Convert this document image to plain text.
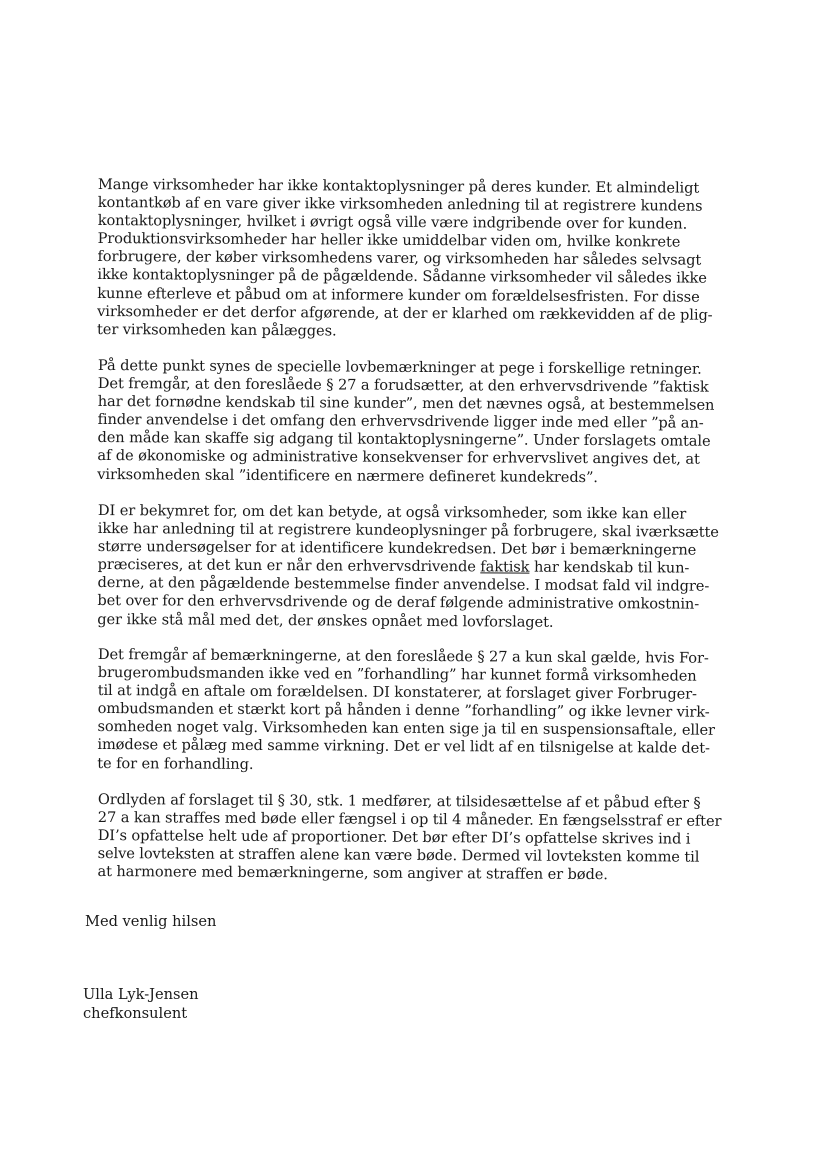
Mange virksomheder har ikke kontaktoplysninger på deres kunder. Et almindeligt
kontantkøb af en vare giver ikke virksomheden anledning til at registrere kundens
kontaktoplysninger, hvilket i øvrigt også ville være indgribende over for kunden.
Produktionsvirksomheder har heller ikke umiddelbar viden om, hvilke konkrete
forbrugere, der køber virksomhedens varer, og virksomheden har således selvsagt
ikke kontaktoplysninger på de pågældende. Sådanne virksomheder vil således ikke
kunne efterleve et påbud om at informere kunder om forældelsesfristen. For disse
virksomheder er det derfor afgørende, at der er klarhed om rækkevidden af de plig-
ter virksomheden kan pålægges.

På dette punkt synes de specielle lovbemærkninger at pege i forskellige retninger.
Det fremgår, at den foreslåede § 27 a forudsætter, at den erhvervsdrivende ”faktisk
har det fornødne kendskab til sine kunder”, men det nævnes også, at bestemmelsen
finder anvendelse i det omfang den erhvervsdrivende ligger inde med eller ”på an-
den måde kan skaffe sig adgang til kontaktoplysningerne”. Under forslagets omtale
af de økonomiske og administrative konsekvenser for erhvervslivet angives det, at
virksomheden skal ”identificere en nærmere defineret kundekreds”.

DI er bekymret for, om det kan betyde, at også virksomheder, som ikke kan eller
ikke har anledning til at registrere kundeoplysninger på forbrugere, skal iværksætte
større undersøgelser for at identificere kundekredsen. Det bør i bemærkningerne
præciseres, at det kun er når den erhvervsdrivende faktisk har kendskab til kun-
derne, at den pågældende bestemmelse finder anvendelse. I modsat fald vil indgre-
bet over for den erhvervsdrivende og de deraf følgende administrative omkostnin-
ger ikke stå mål med det, der ønskes opnået med lovforslaget.

Det fremgår af bemærkningerne, at den foreslåede § 27 a kun skal gælde, hvis For-
brugerombudsmanden ikke ved en ”forhandling” har kunnet formå virksomheden
til at indgå en aftale om forældelsen. DI konstaterer, at forslaget giver Forbruger-
ombudsmanden et stærkt kort på hånden i denne ”forhandling” og ikke levner virk-
somheden noget valg. Virksomheden kan enten sige ja til en suspensionsaftale, eller
imødese et pålæg med samme virkning. Det er vel lidt af en tilsnigelse at kalde det-
te for en forhandling.

Ordlyden af forslaget til § 30, stk. 1 medfører, at tilsidesættelse af et påbud efter §
27 a kan straffes med bøde eller fængsel i op til 4 måneder. En fængselsstraf er efter
DI’s opfattelse helt ude af proportioner. Det bør efter DI’s opfattelse skrives ind i
selve lovteksten at straffen alene kan være bøde. Dermed vil lovteksten komme til
at harmonere med bemærkningerne, som angiver at straffen er bøde.

Med venlig hilsen
Ulla Lyk-Jensen
chefkonsulent
